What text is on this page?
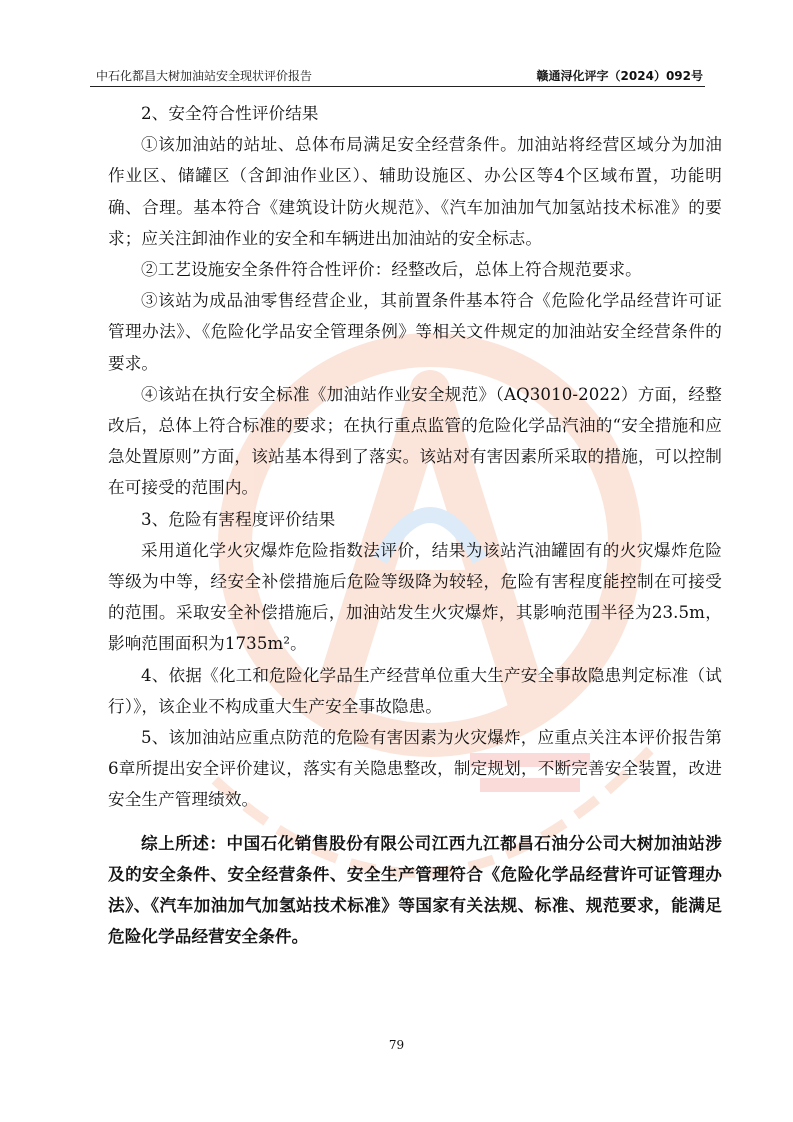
中石化都昌大树加油站安全现状评价报告	赣通浔化评字（2024）092号

2、安全符合性评价结果

①该加油站的站址、总体布局满足安全经营条件。加油站将经营区域分为加油作业区、储罐区（含卸油作业区）、辅助设施区、办公区等4个区域布置，功能明确、合理。基本符合《建筑设计防火规范》、《汽车加油加气加氢站技术标准》的要求；应关注卸油作业的安全和车辆进出加油站的安全标志。

②工艺设施安全条件符合性评价：经整改后，总体上符合规范要求。

③该站为成品油零售经营企业，其前置条件基本符合《危险化学品经营许可证管理办法》、《危险化学品安全管理条例》等相关文件规定的加油站安全经营条件的要求。

④该站在执行安全标准《加油站作业安全规范》（AQ3010-2022）方面，经整改后，总体上符合标准的要求；在执行重点监管的危险化学品汽油的“安全措施和应急处置原则”方面，该站基本得到了落实。该站对有害因素所采取的措施，可以控制在可接受的范围内。

3、危险有害程度评价结果

采用道化学火灾爆炸危险指数法评价，结果为该站汽油罐固有的火灾爆炸危险等级为中等，经安全补偿措施后危险等级降为较轻，危险有害程度能控制在可接受的范围。采取安全补偿措施后，加油站发生火灾爆炸，其影响范围半径为23.5m，影响范围面积为1735m²。

4、依据《化工和危险化学品生产经营单位重大生产安全事故隐患判定标准（试行）》，该企业不构成重大生产安全事故隐患。

5、该加油站应重点防范的危险有害因素为火灾爆炸，应重点关注本评价报告第6章所提出安全评价建议，落实有关隐患整改，制定规划，不断完善安全装置，改进安全生产管理绩效。

综上所述：中国石化销售股份有限公司江西九江都昌石油分公司大树加油站涉及的安全条件、安全经营条件、安全生产管理符合《危险化学品经营许可证管理办法》、《汽车加油加气加氢站技术标准》等国家有关法规、标准、规范要求，能满足危险化学品经营安全条件。

79
